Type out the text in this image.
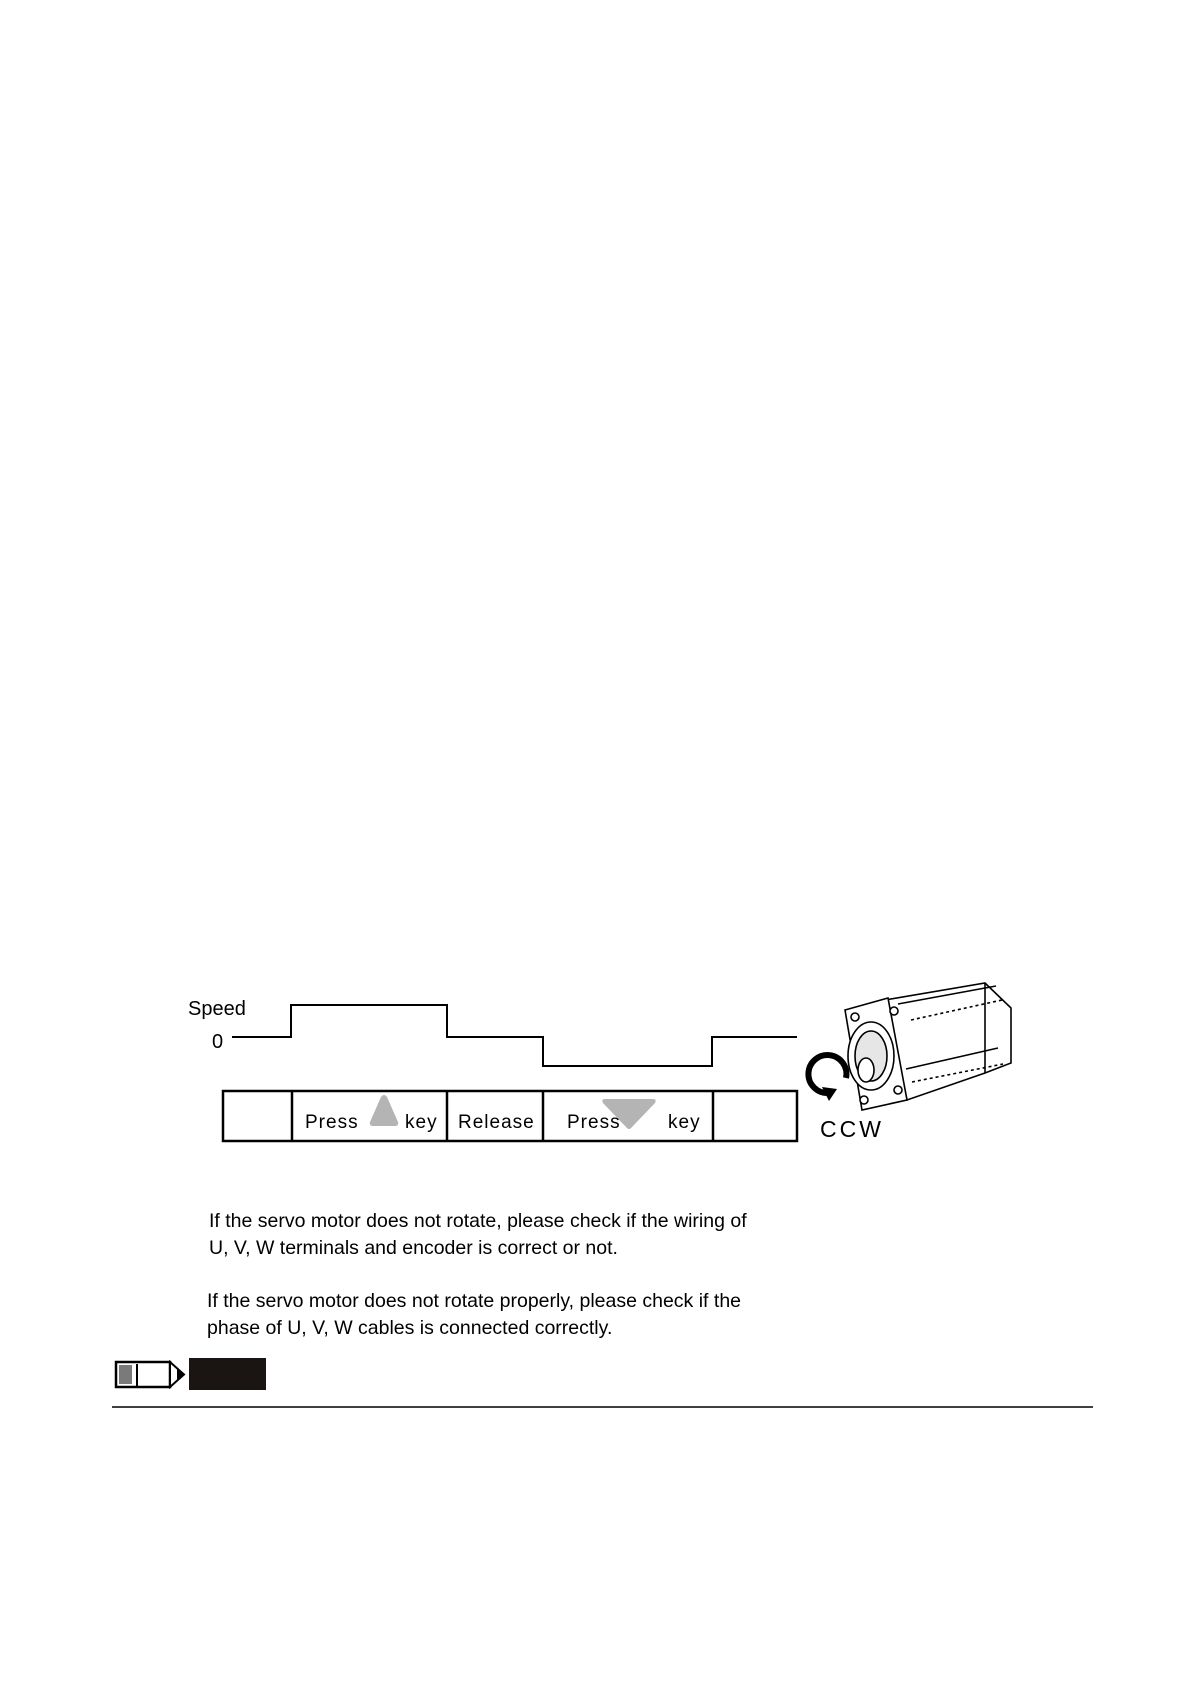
Speed
0
Press key Release Press key	CCW
If the servo motor does not rotate, please check if the wiring of
U, V, W terminals and encoder is correct or not.
If the servo motor does not rotate properly, please check if the
phase of U, V, W cables is connected correctly.
